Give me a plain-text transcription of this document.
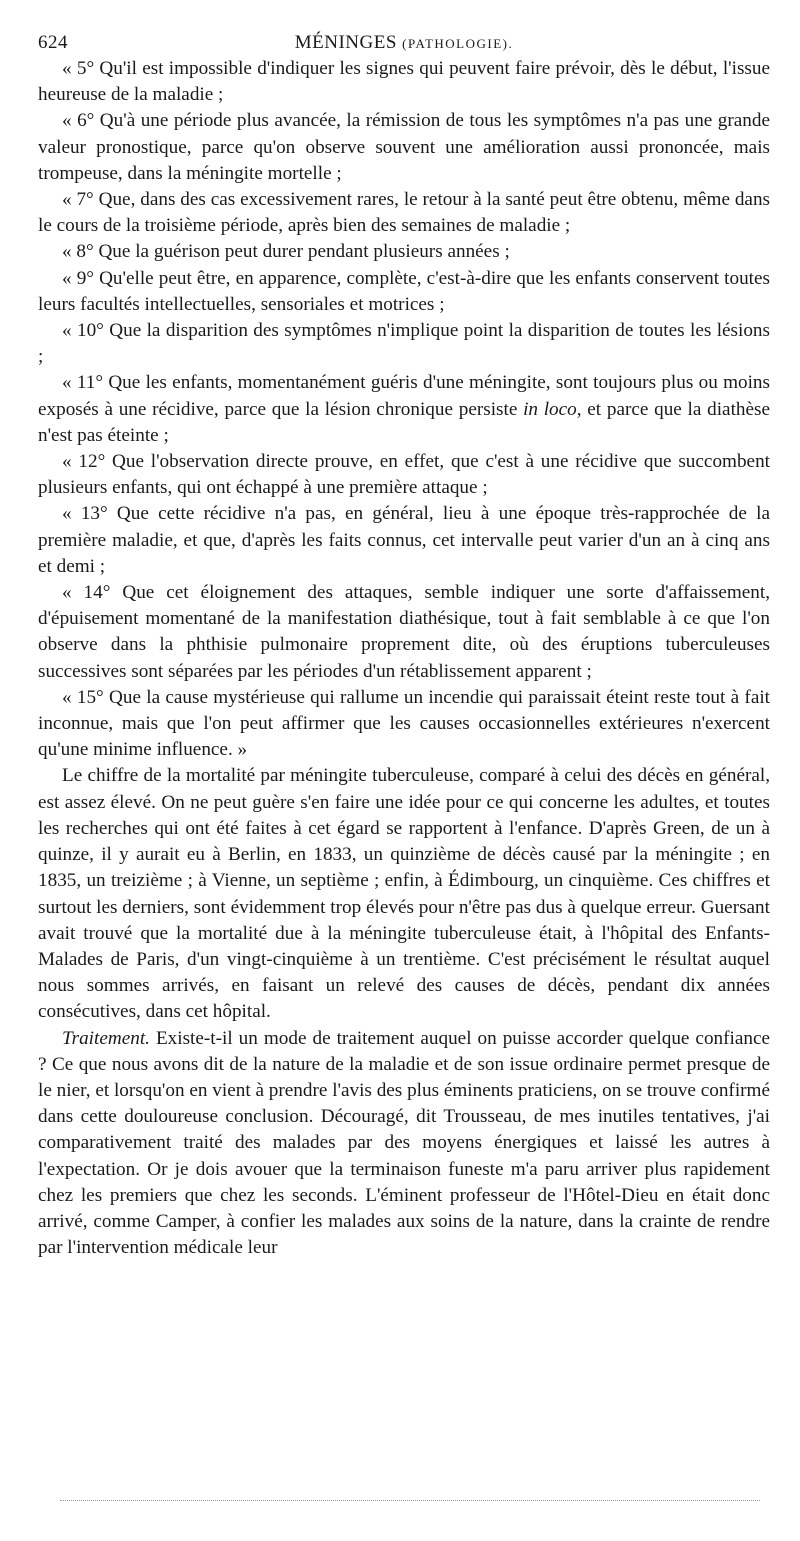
624	MÉNINGES (PATHOLOGIE).

« 5° Qu'il est impossible d'indiquer les signes qui peuvent faire prévoir, dès le début, l'issue heureuse de la maladie ;

« 6° Qu'à une période plus avancée, la rémission de tous les symptômes n'a pas une grande valeur pronostique, parce qu'on observe souvent une amélioration aussi prononcée, mais trompeuse, dans la méningite mortelle ;

« 7° Que, dans des cas excessivement rares, le retour à la santé peut être obtenu, même dans le cours de la troisième période, après bien des semaines de maladie ;

« 8° Que la guérison peut durer pendant plusieurs années ;

« 9° Qu'elle peut être, en apparence, complète, c'est-à-dire que les enfants conservent toutes leurs facultés intellectuelles, sensoriales et motrices ;

« 10° Que la disparition des symptômes n'implique point la disparition de toutes les lésions ;

« 11° Que les enfants, momentanément guéris d'une méningite, sont toujours plus ou moins exposés à une récidive, parce que la lésion chronique persiste in loco, et parce que la diathèse n'est pas éteinte ;

« 12° Que l'observation directe prouve, en effet, que c'est à une récidive que succombent plusieurs enfants, qui ont échappé à une première attaque ;

« 13° Que cette récidive n'a pas, en général, lieu à une époque très-rapprochée de la première maladie, et que, d'après les faits connus, cet intervalle peut varier d'un an à cinq ans et demi ;

« 14° Que cet éloignement des attaques, semble indiquer une sorte d'affaissement, d'épuisement momentané de la manifestation diathésique, tout à fait semblable à ce que l'on observe dans la phthisie pulmonaire proprement dite, où des éruptions tuberculeuses successives sont séparées par les périodes d'un rétablissement apparent ;

« 15° Que la cause mystérieuse qui rallume un incendie qui paraissait éteint reste tout à fait inconnue, mais que l'on peut affirmer que les causes occasionnelles extérieures n'exercent qu'une minime influence. »

Le chiffre de la mortalité par méningite tuberculeuse, comparé à celui des décès en général, est assez élevé. On ne peut guère s'en faire une idée pour ce qui concerne les adultes, et toutes les recherches qui ont été faites à cet égard se rapportent à l'enfance. D'après Green, de un à quinze, il y aurait eu à Berlin, en 1833, un quinzième de décès causé par la méningite ; en 1835, un treizième ; à Vienne, un septième ; enfin, à Édimbourg, un cinquième. Ces chiffres et surtout les derniers, sont évidemment trop élevés pour n'être pas dus à quelque erreur. Guersant avait trouvé que la mortalité due à la méningite tuberculeuse était, à l'hôpital des Enfants-Malades de Paris, d'un vingt-cinquième à un trentième. C'est précisément le résultat auquel nous sommes arrivés, en faisant un relevé des causes de décès, pendant dix années consécutives, dans cet hôpital.

Traitement. Existe-t-il un mode de traitement auquel on puisse accorder quelque confiance ? Ce que nous avons dit de la nature de la maladie et de son issue ordinaire permet presque de le nier, et lorsqu'on en vient à prendre l'avis des plus éminents praticiens, on se trouve confirmé dans cette douloureuse conclusion. Découragé, dit Trousseau, de mes inutiles tentatives, j'ai comparativement traité des malades par des moyens énergiques et laissé les autres à l'expectation. Or je dois avouer que la terminaison funeste m'a paru arriver plus rapidement chez les premiers que chez les seconds. L'éminent professeur de l'Hôtel-Dieu en était donc arrivé, comme Camper, à confier les malades aux soins de la nature, dans la crainte de rendre par l'intervention médicale leur
